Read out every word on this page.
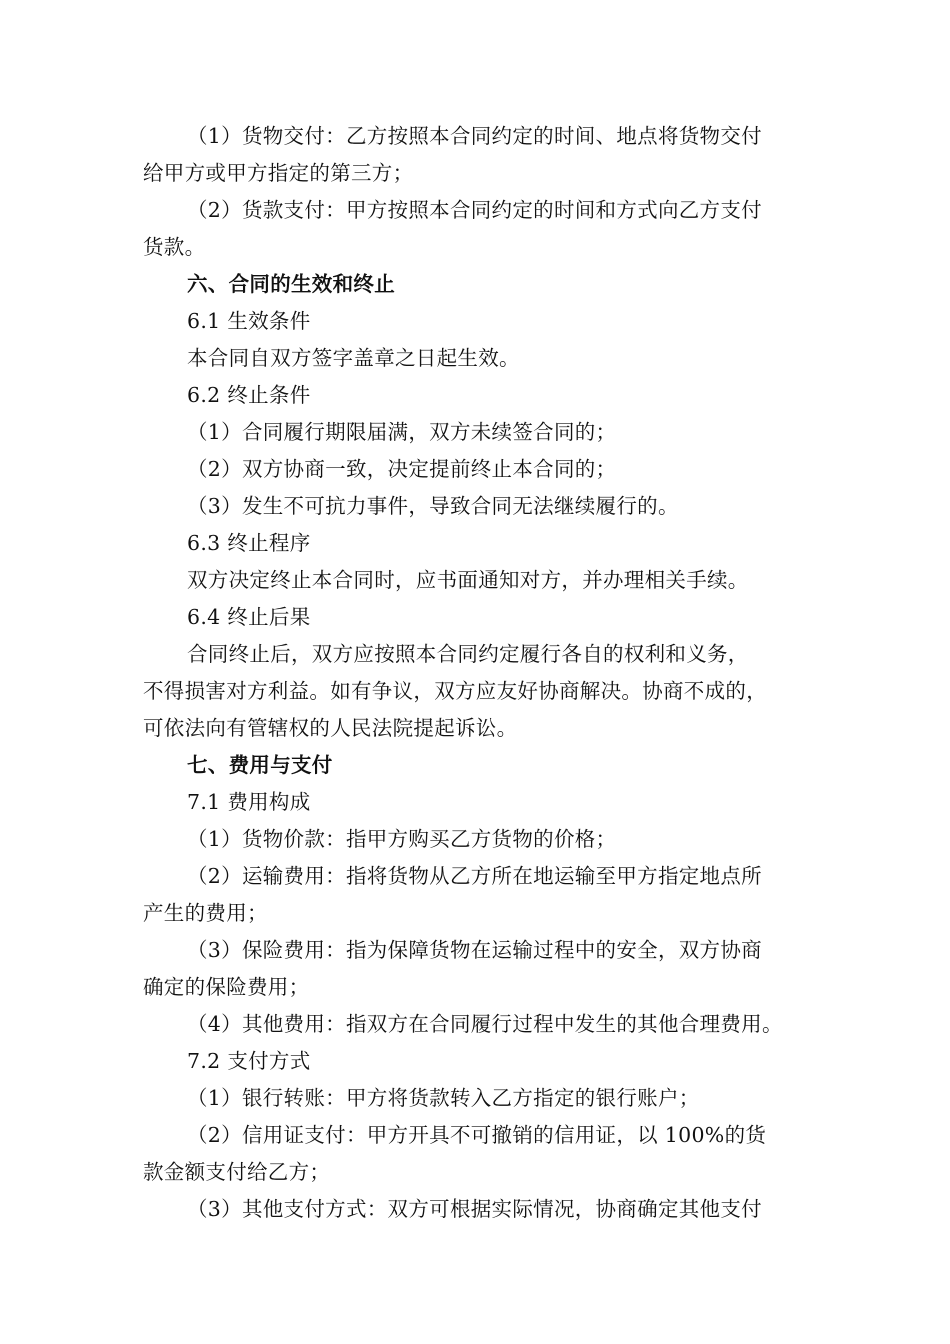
（1）货物交付：乙方按照本合同约定的时间、地点将货物交付
给甲方或甲方指定的第三方；
（2）货款支付：甲方按照本合同约定的时间和方式向乙方支付
货款。
六、合同的生效和终止
6.1 生效条件
本合同自双方签字盖章之日起生效。
6.2 终止条件
（1）合同履行期限届满，双方未续签合同的；
（2）双方协商一致，决定提前终止本合同的；
（3）发生不可抗力事件，导致合同无法继续履行的。
6.3 终止程序
双方决定终止本合同时，应书面通知对方，并办理相关手续。
6.4 终止后果
合同终止后，双方应按照本合同约定履行各自的权利和义务，
不得损害对方利益。如有争议，双方应友好协商解决。协商不成的，
可依法向有管辖权的人民法院提起诉讼。
七、费用与支付
7.1 费用构成
（1）货物价款：指甲方购买乙方货物的价格；
（2）运输费用：指将货物从乙方所在地运输至甲方指定地点所
产生的费用；
（3）保险费用：指为保障货物在运输过程中的安全，双方协商
确定的保险费用；
（4）其他费用：指双方在合同履行过程中发生的其他合理费用。
7.2 支付方式
（1）银行转账：甲方将货款转入乙方指定的银行账户；
（2）信用证支付：甲方开具不可撤销的信用证，以 100%的货
款金额支付给乙方；
（3）其他支付方式：双方可根据实际情况，协商确定其他支付
